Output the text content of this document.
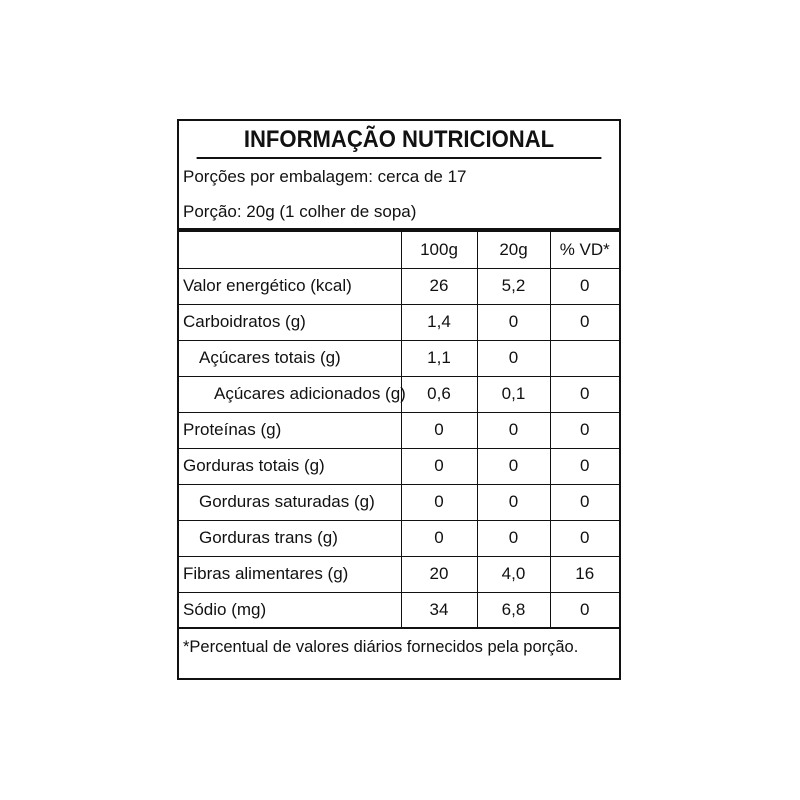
INFORMAÇÃO NUTRICIONAL
Porções por embalagem: cerca de 17
Porção: 20g (1 colher de sopa)
	100g	20g	% VD*
Valor energético (kcal)	26	5,2	0
Carboidratos (g)	1,4	0	0
Açúcares totais (g)	1,1	0	
Açúcares adicionados (g)	0,6	0,1	0
Proteínas (g)	0	0	0
Gorduras totais (g)	0	0	0
Gorduras saturadas (g)	0	0	0
Gorduras trans (g)	0	0	0
Fibras alimentares (g)	20	4,0	16
Sódio (mg)	34	6,8	0
*Percentual de valores diários fornecidos pela porção.
